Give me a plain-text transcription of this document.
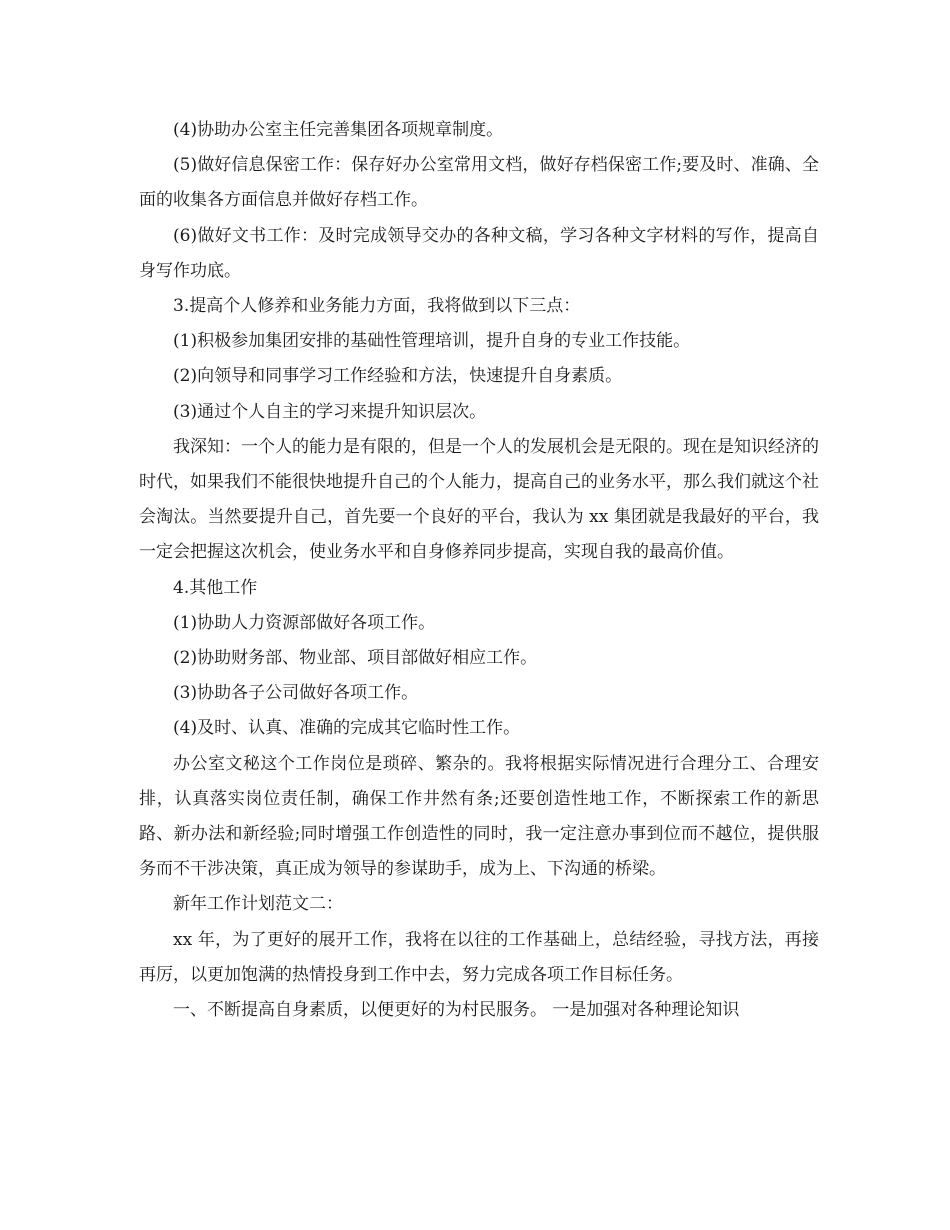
(4)协助办公室主任完善集团各项规章制度。

(5)做好信息保密工作：保存好办公室常用文档，做好存档保密工作;要及时、准确、全面的收集各方面信息并做好存档工作。

(6)做好文书工作：及时完成领导交办的各种文稿，学习各种文字材料的写作，提高自身写作功底。

3.提高个人修养和业务能力方面，我将做到以下三点：

(1)积极参加集团安排的基础性管理培训，提升自身的专业工作技能。

(2)向领导和同事学习工作经验和方法，快速提升自身素质。

(3)通过个人自主的学习来提升知识层次。

我深知：一个人的能力是有限的，但是一个人的发展机会是无限的。现在是知识经济的时代，如果我们不能很快地提升自己的个人能力，提高自己的业务水平，那么我们就这个社会淘汰。当然要提升自己，首先要一个良好的平台，我认为 xx 集团就是我最好的平台，我一定会把握这次机会，使业务水平和自身修养同步提高，实现自我的最高价值。

4.其他工作

(1)协助人力资源部做好各项工作。

(2)协助财务部、物业部、项目部做好相应工作。

(3)协助各子公司做好各项工作。

(4)及时、认真、准确的完成其它临时性工作。

办公室文秘这个工作岗位是琐碎、繁杂的。我将根据实际情况进行合理分工、合理安排，认真落实岗位责任制，确保工作井然有条;还要创造性地工作，不断探索工作的新思路、新办法和新经验;同时增强工作创造性的同时，我一定注意办事到位而不越位，提供服务而不干涉决策，真正成为领导的参谋助手，成为上、下沟通的桥梁。

新年工作计划范文二：

xx 年，为了更好的展开工作，我将在以往的工作基础上，总结经验，寻找方法，再接再厉，以更加饱满的热情投身到工作中去，努力完成各项工作目标任务。

一、不断提高自身素质，以便更好的为村民服务。 一是加强对各种理论知识
